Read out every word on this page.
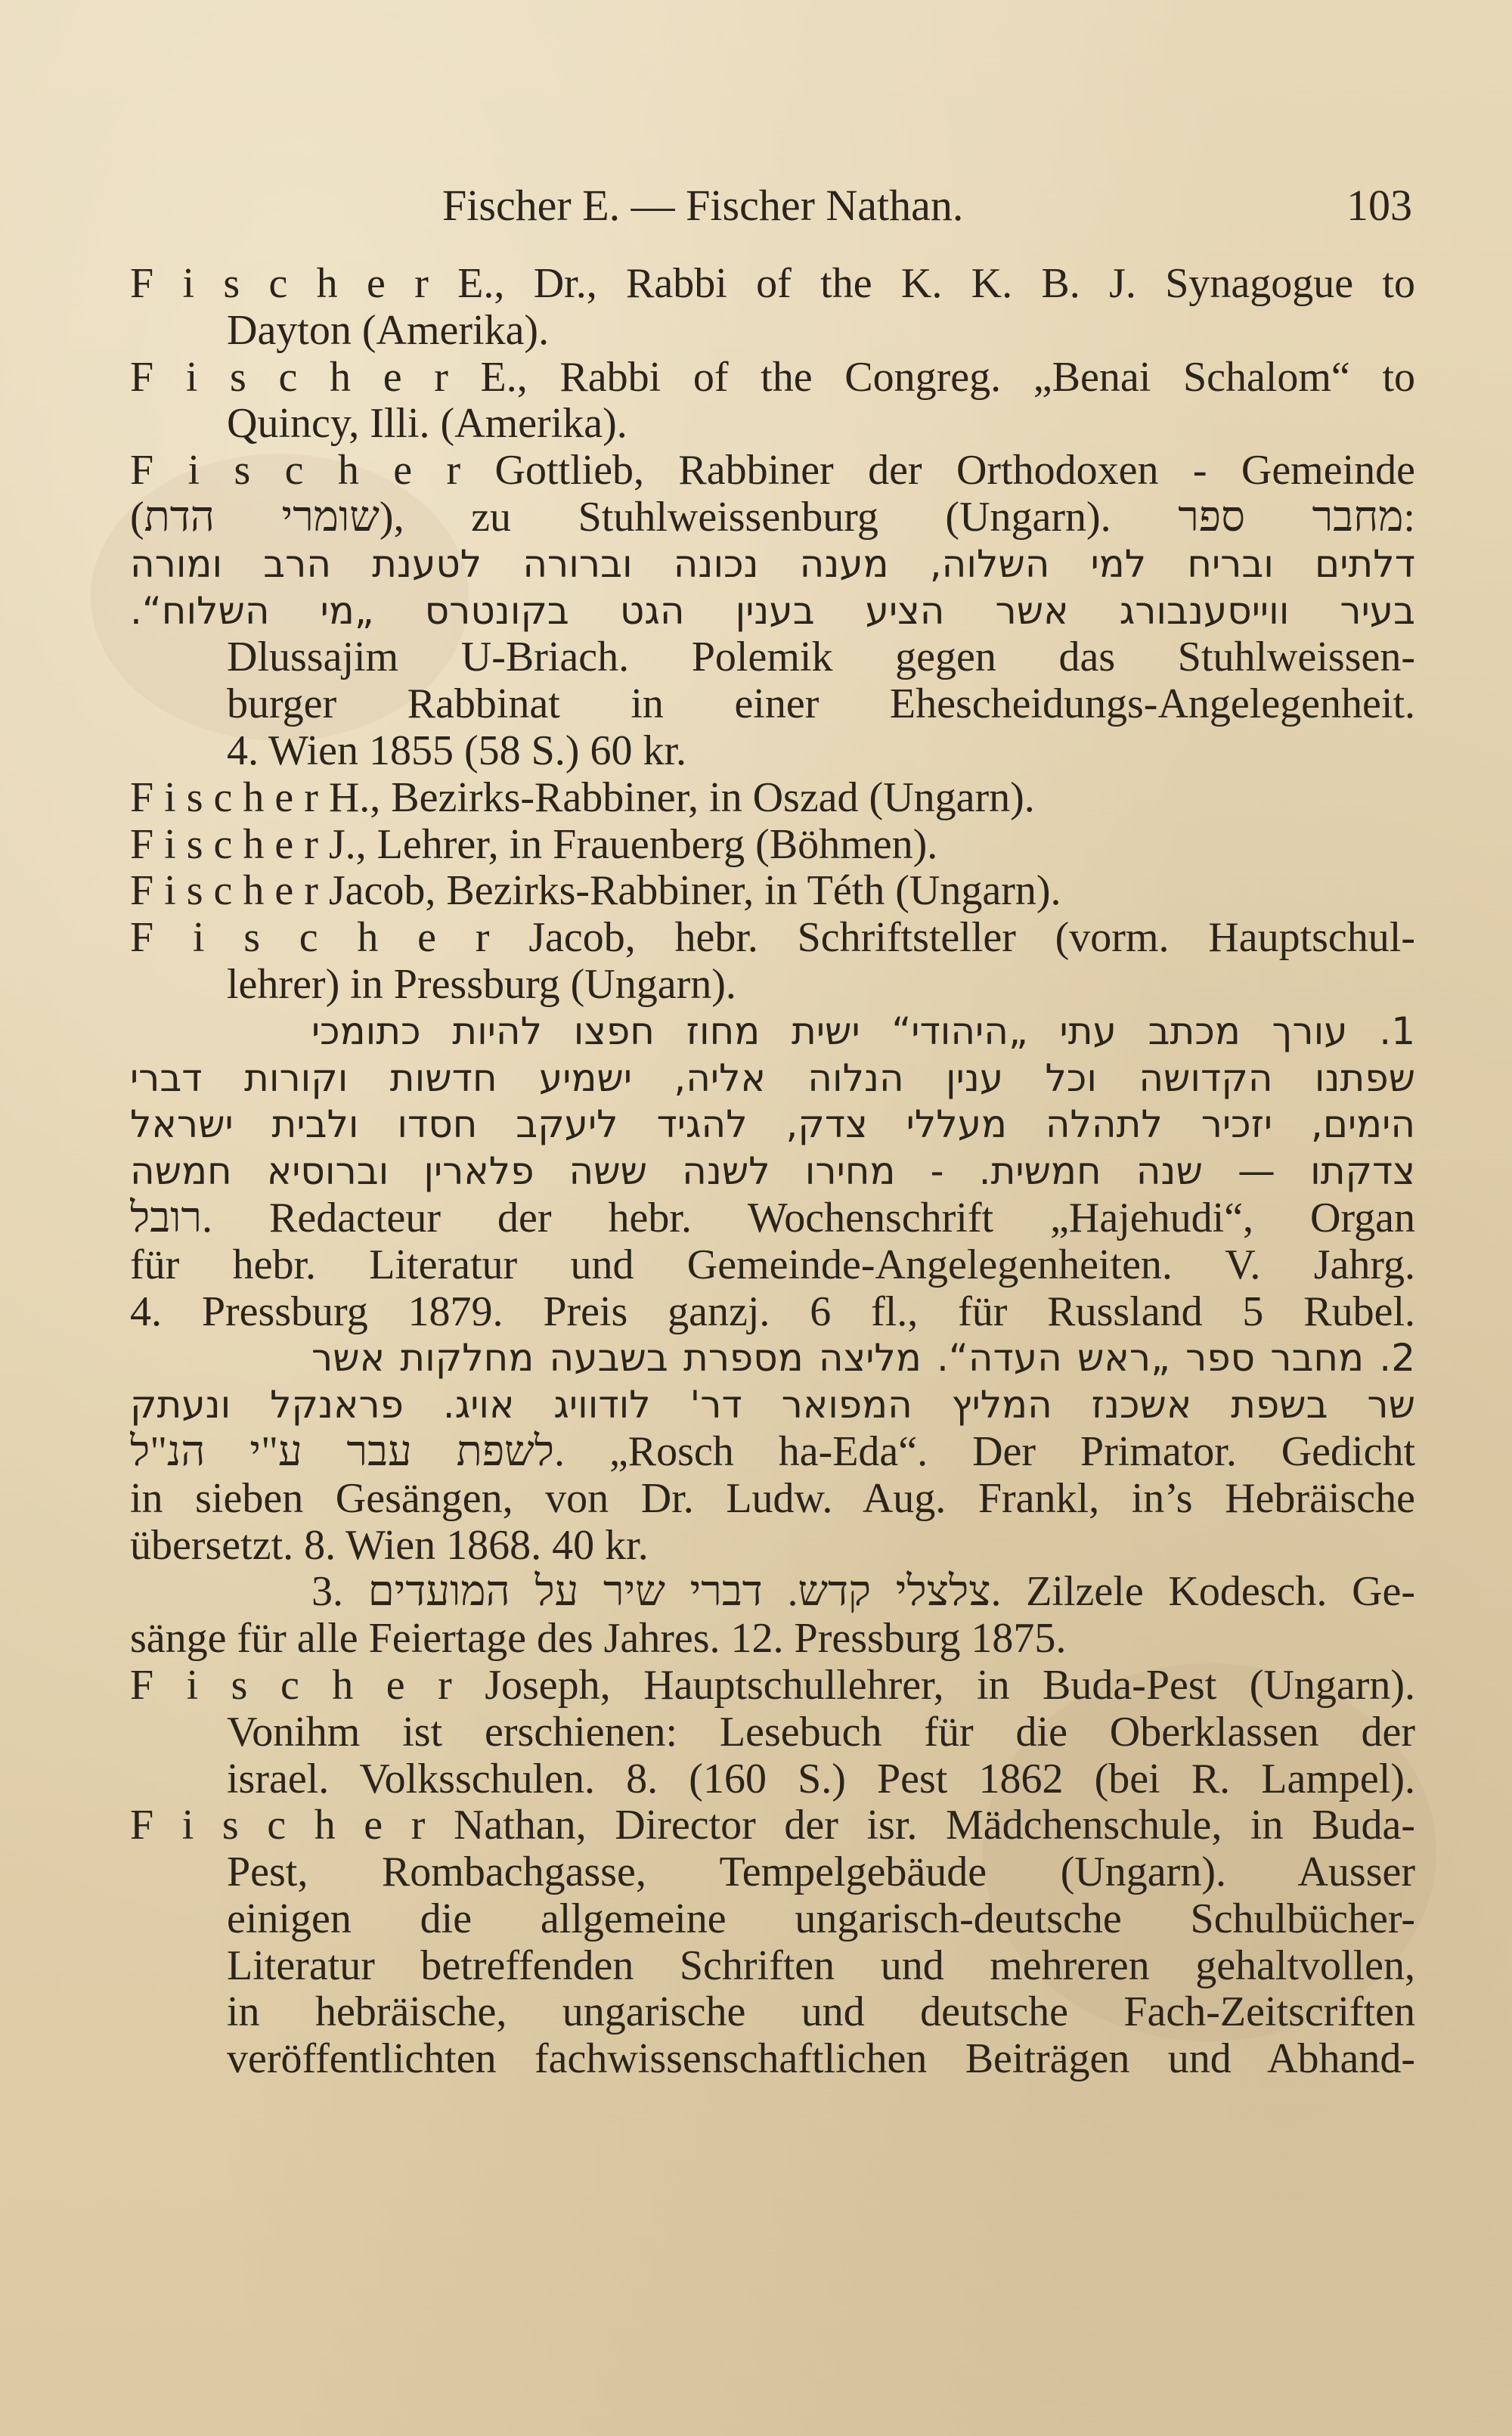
Fischer E. — Fischer Nathan.	103
F i s c h e r E., Dr., Rabbi of the K. K. B. J. Synagogue to
Dayton (Amerika).
F i s c h e r E., Rabbi of the Congreg. „Benai Schalom“ to
Quincy, Illi. (Amerika).
F i s c h e r Gottlieb, Rabbiner der Orthodoxen - Gemeinde
(שומרי הדת), zu Stuhlweissenburg (Ungarn). מחבר ספר:
דלתים ובריח למי השלוה, מענה נכונה וברורה לטענת הרב ומורה
בעיר ווייסענבורג אשר הציע בענין הגט בקונטרס „מי השלוח“.
Dlussajim U-Briach. Polemik gegen das Stuhlweissen-
burger Rabbinat in einer Ehescheidungs-Angelegenheit.
4. Wien 1855 (58 S.) 60 kr.
F i s c h e r H., Bezirks-Rabbiner, in Oszad (Ungarn).
F i s c h e r J., Lehrer, in Frauenberg (Böhmen).
F i s c h e r Jacob, Bezirks-Rabbiner, in Téth (Ungarn).
F i s c h e r Jacob, hebr. Schriftsteller (vorm. Hauptschul-
lehrer) in Pressburg (Ungarn).
1. עורך מכתב עתי „היהודי“ ישית מחוז חפצו להיות כתומכי
שפתנו הקדושה וכל ענין הנלוה אליה, ישמיע חדשות וקורות דברי
הימים, יזכיר לתהלה מעללי צדק, להגיד ליעקב חסדו ולבית ישראל
צדקתו — שנה חמשית. - מחירו לשנה ששה פלארין וברוסיא חמשה
רובל. Redacteur der hebr. Wochenschrift „Hajehudi“, Organ
für hebr. Literatur und Gemeinde-Angelegenheiten. V. Jahrg.
4. Pressburg 1879. Preis ganzj. 6 fl., für Russland 5 Rubel.
2. מחבר ספר „ראש העדה“. מליצה מספרת בשבעה מחלקות אשר
שר בשפת אשכנז המליץ המפואר דר' לודוויג אויג. פראנקל ונעתק
לשפת עבר ע"י הנ"ל. „Rosch ha-Eda“. Der Primator. Gedicht
in sieben Gesängen, von Dr. Ludw. Aug. Frankl, in’s Hebräische
übersetzt. 8. Wien 1868. 40 kr.
3. צלצלי קדש. דברי שיר על המועדים. Zilzele Kodesch. Ge-
sänge für alle Feiertage des Jahres. 12. Pressburg 1875.
F i s c h e r Joseph, Hauptschullehrer, in Buda-Pest (Ungarn).
Vonihm ist erschienen: Lesebuch für die Oberklassen der
israel. Volksschulen. 8. (160 S.) Pest 1862 (bei R. Lampel).
F i s c h e r Nathan, Director der isr. Mädchenschule, in Buda-
Pest, Rombachgasse, Tempelgebäude (Ungarn). Ausser
einigen die allgemeine ungarisch-deutsche Schulbücher-
Literatur betreffenden Schriften und mehreren gehaltvollen,
in hebräische, ungarische und deutsche Fach-Zeitscriften
veröffentlichten fachwissenschaftlichen Beiträgen und Abhand-
